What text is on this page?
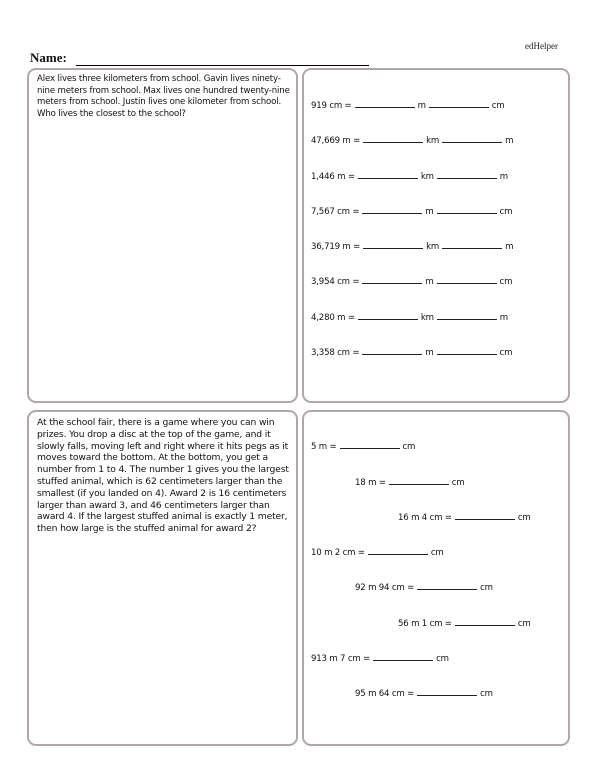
edHelper
Name:
Alex lives three kilometers from school. Gavin lives ninety-nine meters from school. Max lives one hundred twenty-nine meters from school. Justin lives one kilometer from school. Who lives the closest to the school?
919 cm =	m	cm
47,669 m =	km	m
1,446 m =	km	m
7,567 cm =	m	cm
36,719 m =	km	m
3,954 cm =	m	cm
4,280 m =	km	m
3,358 cm =	m	cm
At the school fair, there is a game where you can win prizes. You drop a disc at the top of the game, and it slowly falls, moving left and right where it hits pegs as it moves toward the bottom. At the bottom, you get a number from 1 to 4. The number 1 gives you the largest stuffed animal, which is 62 centimeters larger than the smallest (if you landed on 4). Award 2 is 16 centimeters larger than award 3, and 46 centimeters larger than award 4. If the largest stuffed animal is exactly 1 meter, then how large is the stuffed animal for award 2?
5 m =	cm
18 m =	cm
16 m 4 cm =	cm
10 m 2 cm =	cm
92 m 94 cm =	cm
56 m 1 cm =	cm
913 m 7 cm =	cm
95 m 64 cm =	cm
